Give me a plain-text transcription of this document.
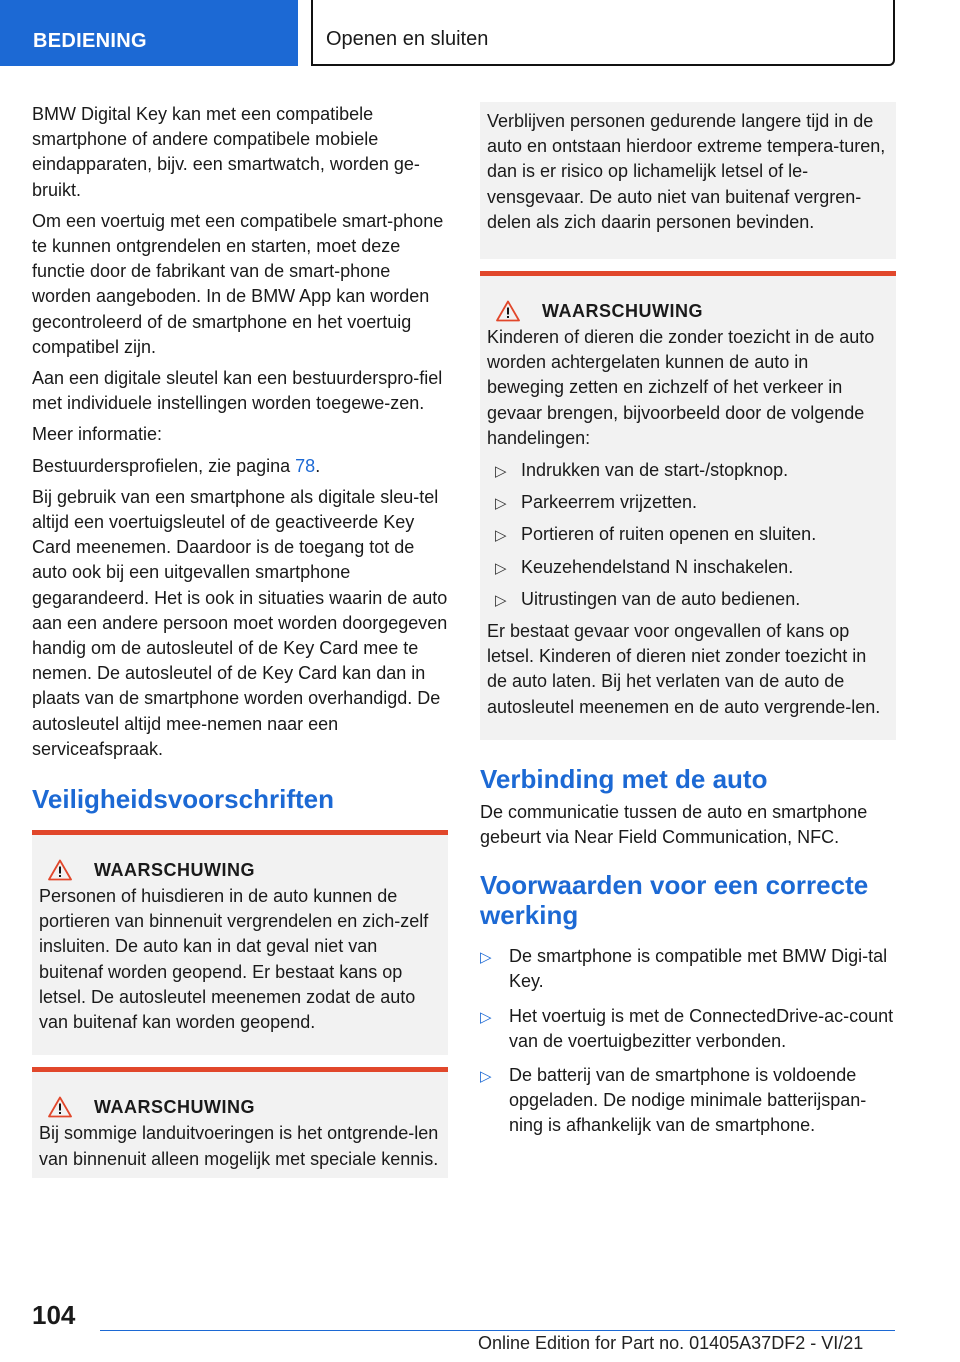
BEDIENING	Openen en sluiten

BMW Digital Key kan met een compatibele smartphone of andere compatibele mobiele eindapparaten, bijv. een smartwatch, worden ge-bruikt.

Om een voertuig met een compatibele smart-phone te kunnen ontgrendelen en starten, moet deze functie door de fabrikant van de smart-phone worden aangeboden. In de BMW App kan worden gecontroleerd of de smartphone en het voertuig compatibel zijn.

Aan een digitale sleutel kan een bestuurderspro-fiel met individuele instellingen worden toegewe-zen.

Meer informatie:

Bestuurdersprofielen, zie pagina 78.

Bij gebruik van een smartphone als digitale sleu-tel altijd een voertuigsleutel of de geactiveerde Key Card meenemen. Daardoor is de toegang tot de auto ook bij een uitgevallen smartphone gegarandeerd. Het is ook in situaties waarin de auto aan een andere persoon moet worden doorgegeven handig om de autosleutel of de Key Card mee te nemen. De autosleutel of de Key Card kan dan in plaats van de smartphone worden overhandigd. De autosleutel altijd mee-nemen naar een serviceafspraak.

Veiligheidsvoorschriften
WAARSCHUWING

Personen of huisdieren in de auto kunnen de portieren van binnenuit vergrendelen en zich-zelf insluiten. De auto kan in dat geval niet van buitenaf worden geopend. Er bestaat kans op letsel. De autosleutel meenemen zodat de auto van buitenaf kan worden geopend.

WAARSCHUWING

Bij sommige landuitvoeringen is het ontgrende-len van binnenuit alleen mogelijk met speciale kennis.

Verblijven personen gedurende langere tijd in de auto en ontstaan hierdoor extreme tempera-turen, dan is er risico op lichamelijk letsel of le-vensgevaar. De auto niet van buitenaf vergren-delen als zich daarin personen bevinden.

WAARSCHUWING

Kinderen of dieren die zonder toezicht in de auto worden achtergelaten kunnen de auto in beweging zetten en zichzelf of het verkeer in gevaar brengen, bijvoorbeeld door de volgende handelingen:

▷ Indrukken van de start-/stopknop.
▷ Parkeerrem vrijzetten.
▷ Portieren of ruiten openen en sluiten.
▷ Keuzehendelstand N inschakelen.
▷ Uitrustingen van de auto bedienen.

Er bestaat gevaar voor ongevallen of kans op letsel. Kinderen of dieren niet zonder toezicht in de auto laten. Bij het verlaten van de auto de autosleutel meenemen en de auto vergrende-len.

Verbinding met de auto

De communicatie tussen de auto en smartphone gebeurt via Near Field Communication, NFC.

Voorwaarden voor een correcte werking
▷ De smartphone is compatible met BMW Digi-tal Key.
▷ Het voertuig is met de ConnectedDrive-ac-count van de voertuigbezitter verbonden.
▷ De batterij van de smartphone is voldoende opgeladen. De nodige minimale batterijspan-ning is afhankelijk van de smartphone.
104
Online Edition for Part no. 01405A37DF2 - VI/21
